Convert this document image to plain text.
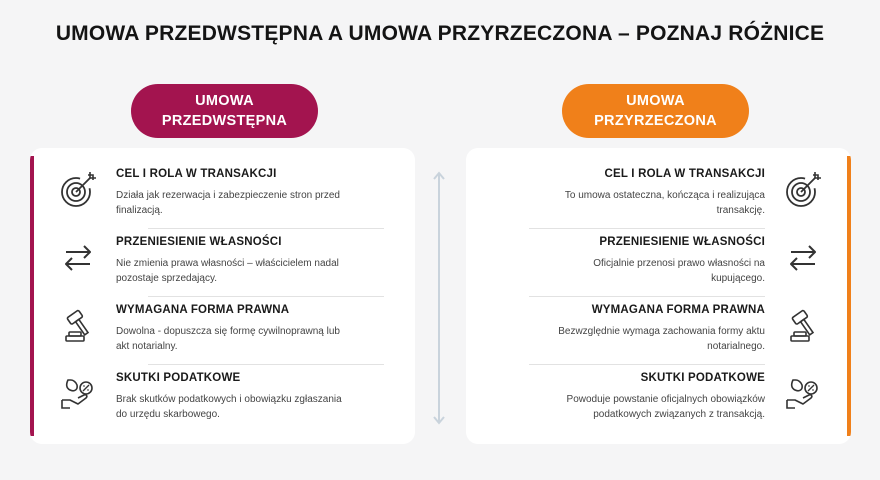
UMOWA PRZEDWSTĘPNA A UMOWA PRZYRZECZONA – POZNAJ RÓŻNICE
UMOWA
PRZEDWSTĘPNA
UMOWA
PRZYRZECZONA
CEL I ROLA W TRANSAKCJI
Działa jak rezerwacja i zabezpieczenie stron przed
finalizacją.
PRZENIESIENIE WŁASNOŚCI
Nie zmienia prawa własności – właścicielem nadal
pozostaje sprzedający.
WYMAGANA FORMA PRAWNA
Dowolna - dopuszcza się formę cywilnoprawną lub
akt notarialny.
SKUTKI PODATKOWE
Brak skutków podatkowych i obowiązku zgłaszania
do urzędu skarbowego.
CEL I ROLA W TRANSAKCJI
To umowa ostateczna, kończąca i realizująca
transakcję.
PRZENIESIENIE WŁASNOŚCI
Oficjalnie przenosi prawo własności na
kupującego.
WYMAGANA FORMA PRAWNA
Bezwzględnie wymaga zachowania formy aktu
notarialnego.
SKUTKI PODATKOWE
Powoduje powstanie oficjalnych obowiązków
podatkowych związanych z transakcją.
